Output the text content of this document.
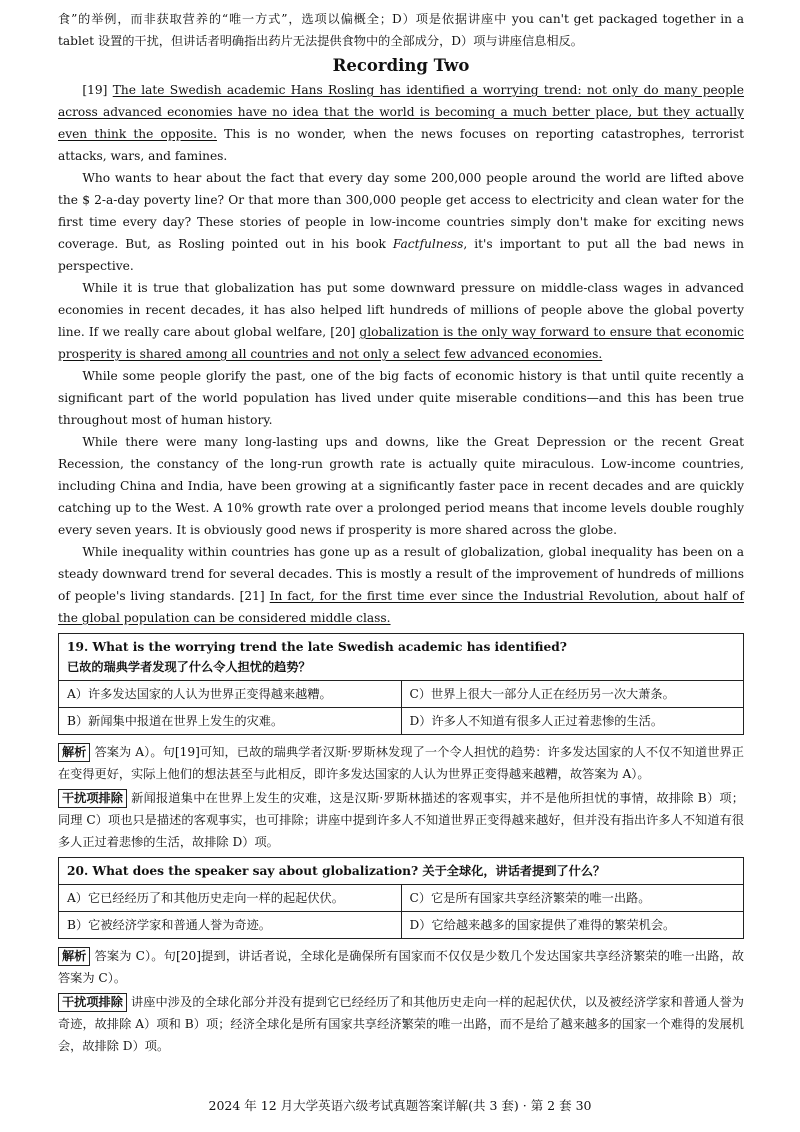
食”的举例，而非获取营养的“唯一方式”，选项以偏概全；D）项是依据讲座中 you can't get packaged together in a tablet 设置的干扰，但讲话者明确指出药片无法提供食物中的全部成分，D）项与讲座信息相反。

Recording Two

[19] The late Swedish academic Hans Rosling has identified a worrying trend: not only do many people across advanced economies have no idea that the world is becoming a much better place, but they actually even think the opposite. This is no wonder, when the news focuses on reporting catastrophes, terrorist attacks, wars, and famines.

Who wants to hear about the fact that every day some 200,000 people around the world are lifted above the $ 2-a-day poverty line? Or that more than 300,000 people get access to electricity and clean water for the first time every day? These stories of people in low-income countries simply don't make for exciting news coverage. But, as Rosling pointed out in his book Factfulness, it's important to put all the bad news in perspective.

While it is true that globalization has put some downward pressure on middle-class wages in advanced economies in recent decades, it has also helped lift hundreds of millions of people above the global poverty line. If we really care about global welfare, [20] globalization is the only way forward to ensure that economic prosperity is shared among all countries and not only a select few advanced economies.

While some people glorify the past, one of the big facts of economic history is that until quite recently a significant part of the world population has lived under quite miserable conditions—and this has been true throughout most of human history.

While there were many long-lasting ups and downs, like the Great Depression or the recent Great Recession, the constancy of the long-run growth rate is actually quite miraculous. Low-income countries, including China and India, have been growing at a significantly faster pace in recent decades and are quickly catching up to the West. A 10% growth rate over a prolonged period means that income levels double roughly every seven years. It is obviously good news if prosperity is more shared across the globe.

While inequality within countries has gone up as a result of globalization, global inequality has been on a steady downward trend for several decades. This is mostly a result of the improvement of hundreds of millions of people's living standards. [21] In fact, for the first time ever since the Industrial Revolution, about half of the global population can be considered middle class.

19. What is the worrying trend the late Swedish academic has identified?
已故的瑞典学者发现了什么令人担忧的趋势？	

A）许多发达国家的人认为世界正变得越来越糟。	C）世界上很大一部分人正在经历另一次大萧条。
B）新闻集中报道在世界上发生的灾难。	D）许多人不知道有很多人正过着悲惨的生活。

解析 答案为 A）。句[19]可知，已故的瑞典学者汉斯·罗斯林发现了一个令人担忧的趋势：许多发达国家的人不仅不知道世界正在变得更好，实际上他们的想法甚至与此相反，即许多发达国家的人认为世界正变得越来越糟，故答案为 A）。

干扰项排除 新闻报道集中在世界上发生的灾难，这是汉斯·罗斯林描述的客观事实，并不是他所担忧的事情，故排除 B）项；同理 C）项也只是描述的客观事实，也可排除；讲座中提到许多人不知道世界正变得越来越好，但并没有指出许多人不知道有很多人正过着悲惨的生活，故排除 D）项。

20. What does the speaker say about globalization? 关于全球化，讲话者提到了什么？	
A）它已经经历了和其他历史走向一样的起起伏伏。	C）它是所有国家共享经济繁荣的唯一出路。
B）它被经济学家和普通人誉为奇迹。	D）它给越来越多的国家提供了难得的繁荣机会。

解析 答案为 C）。句[20]提到，讲话者说，全球化是确保所有国家而不仅仅是少数几个发达国家共享经济繁荣的唯一出路，故答案为 C）。

干扰项排除 讲座中涉及的全球化部分并没有提到它已经经历了和其他历史走向一样的起起伏伏，以及被经济学家和普通人誉为奇迹，故排除 A）项和 B）项；经济全球化是所有国家共享经济繁荣的唯一出路，而不是给了越来越多的国家一个难得的发展机会，故排除 D）项。

2024 年 12 月大学英语六级考试真题答案详解(共 3 套) · 第 2 套 30
